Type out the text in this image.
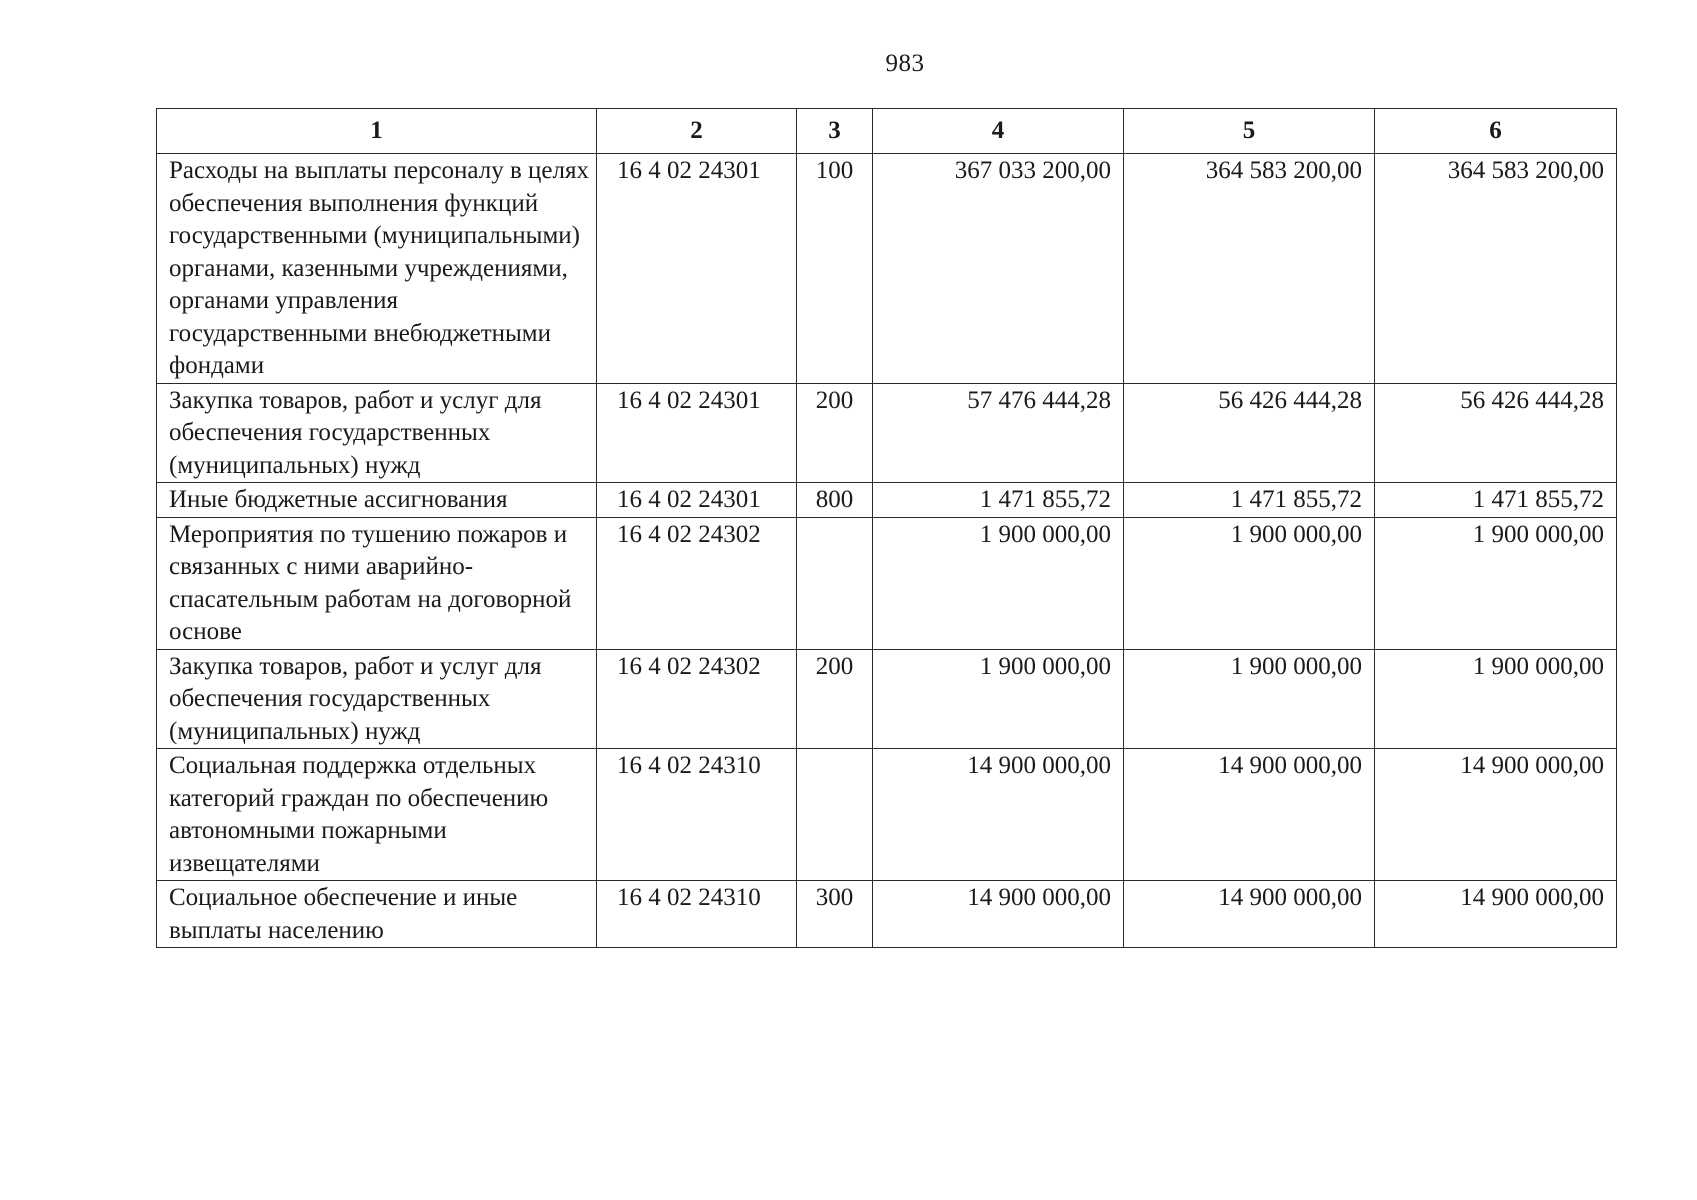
983
1	2	3	4	5	6
Расходы на выплаты персоналу в целях обеспечения выполнения функций государственными (муниципальными) органами, казенными учреждениями, органами управления государственными внебюджетными фондами	16 4 02 24301	100	367 033 200,00	364 583 200,00	364 583 200,00
Закупка товаров, работ и услуг для обеспечения государственных (муниципальных) нужд	16 4 02 24301	200	57 476 444,28	56 426 444,28	56 426 444,28
Иные бюджетные ассигнования	16 4 02 24301	800	1 471 855,72	1 471 855,72	1 471 855,72
Мероприятия по тушению пожаров и связанных с ними аварийно-спасательным работам на договорной основе	16 4 02 24302		1 900 000,00	1 900 000,00	1 900 000,00
Закупка товаров, работ и услуг для обеспечения государственных (муниципальных) нужд	16 4 02 24302	200	1 900 000,00	1 900 000,00	1 900 000,00
Социальная поддержка отдельных категорий граждан по обеспечению автономными пожарными извещателями	16 4 02 24310		14 900 000,00	14 900 000,00	14 900 000,00
Социальное обеспечение и иные выплаты населению	16 4 02 24310	300	14 900 000,00	14 900 000,00	14 900 000,00
